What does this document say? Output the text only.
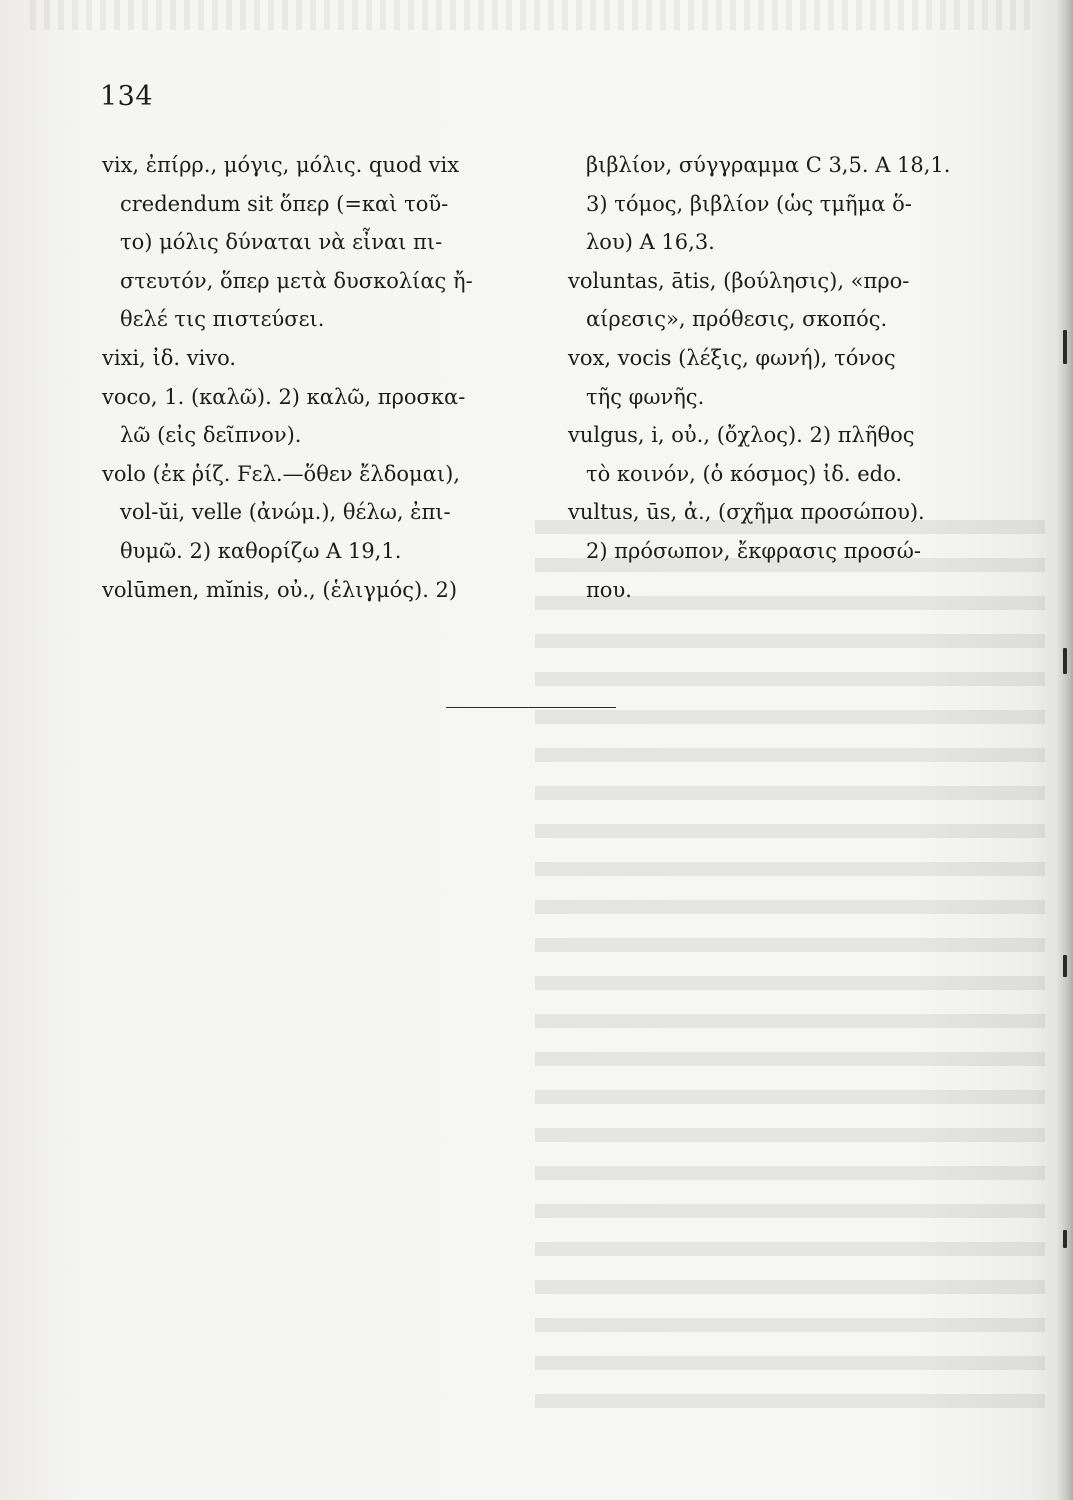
134
vix, ἐπίρρ., μόγις, μόλις. quod vix
credendum sit ὅπερ (=καὶ τοῦ-
το) μόλις δύναται νὰ εἶναι πι-
στευτόν, ὅπερ μετὰ δυσκολίας ἤ-
θελέ τις πιστεύσει.
vixi, ἰδ. vivo.
voco, 1. (καλῶ). 2) καλῶ, προσκα-
λῶ (εἰς δεῖπνον).
volo (ἐκ ῥίζ. Ϝελ.—ὅθεν ἔλδομαι),
vol-ŭi, velle (ἀνώμ.), θέλω, ἐπι-
θυμῶ. 2) καθορίζω A 19,1.
volūmen, mĭnis, οὐ., (ἑλιγμός). 2)
βιβλίον, σύγγραμμα C 3,5. A 18,1.
3) τόμος, βιβλίον (ὡς τμῆμα ὅ-
λου) A 16,3.
voluntas, ātis, (βούλησις), «προ-
αίρεσις», πρόθεσις, σκοπός.
vox, vocis (λέξις, φωνή), τόνος
τῆς φωνῆς.
vulgus, i, οὐ., (ὄχλος). 2) πλῆθος
τὸ κοινόν, (ὁ κόσμος) ἰδ. edo.
vultus, ūs, ἀ., (σχῆμα προσώπου).
2) πρόσωπον, ἔκφρασις προσώ-
που.
